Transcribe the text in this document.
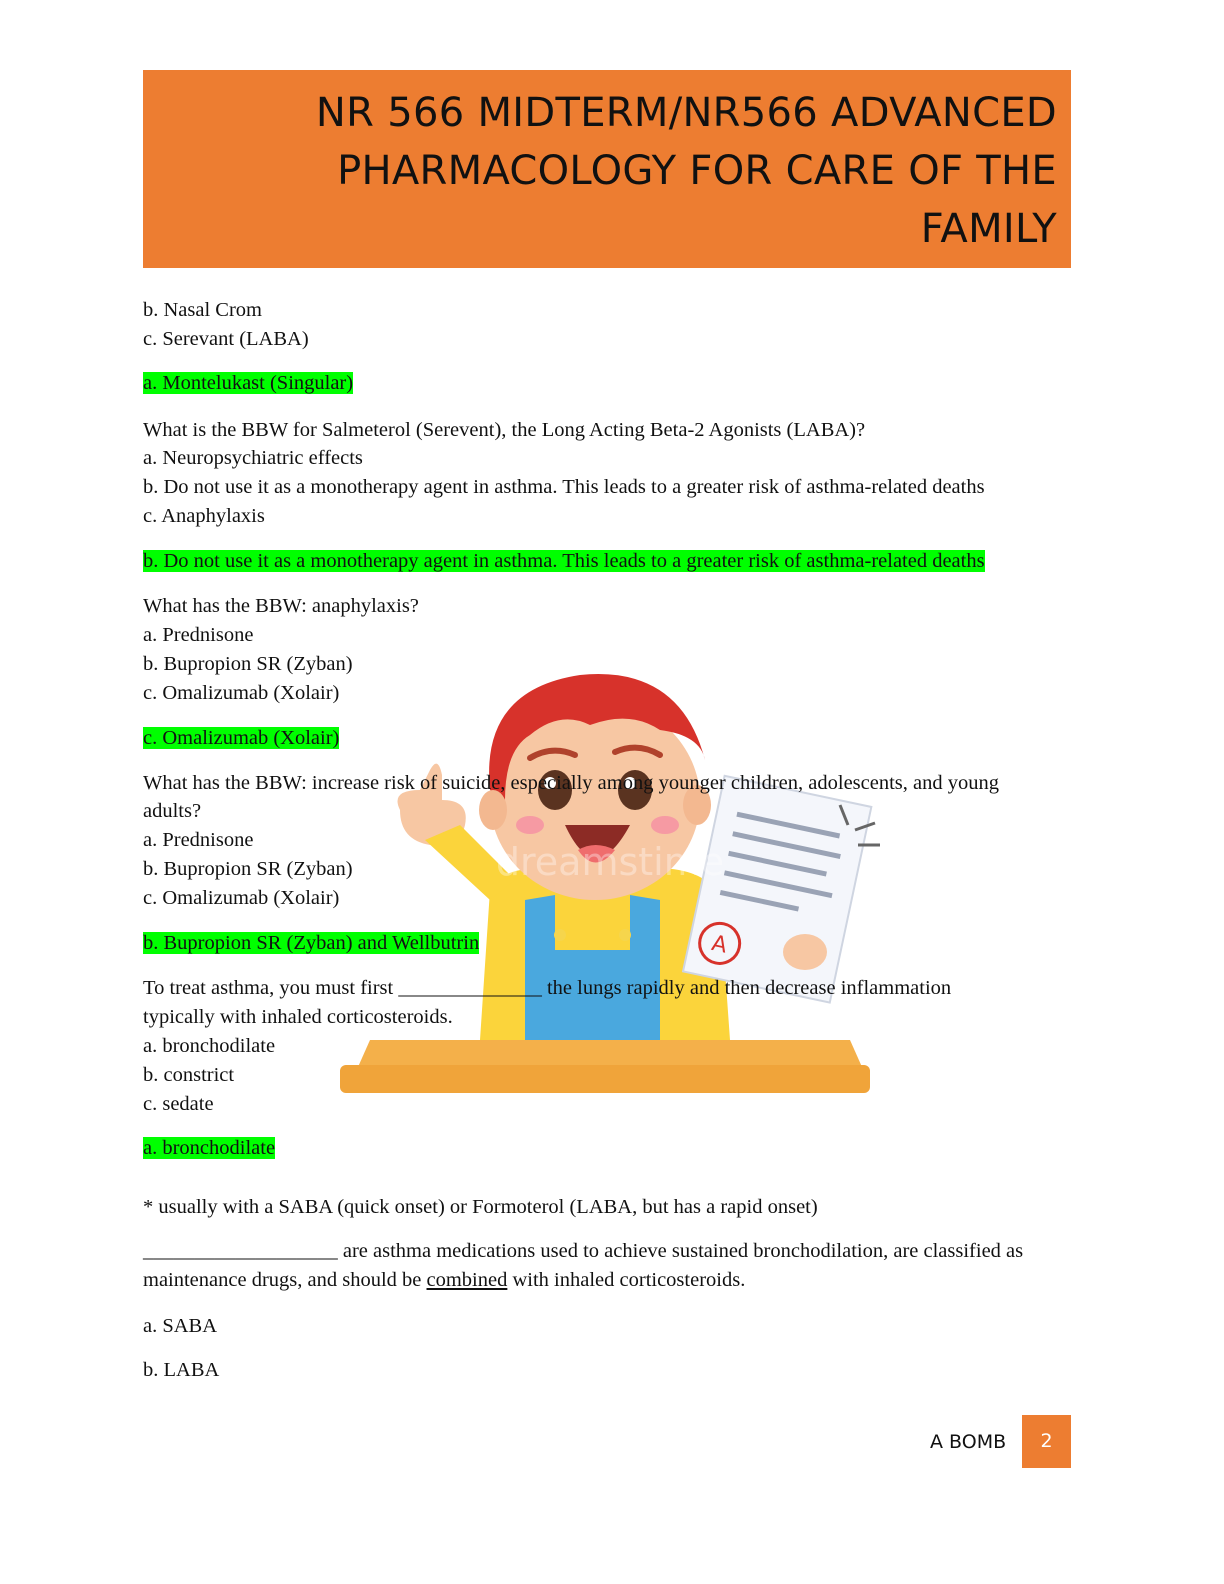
NR 566 MIDTERM/NR566 ADVANCED
PHARMACOLOGY FOR CARE OF THE
FAMILY
A
dreamstime
b. Nasal Crom
c. Serevant (LABA)
a. Montelukast (Singular)
What is the BBW for Salmeterol (Serevent), the Long Acting Beta-2 Agonists (LABA)?
a. Neuropsychiatric effects
b. Do not use it as a monotherapy agent in asthma. This leads to a greater risk of asthma-related deaths
c. Anaphylaxis
b. Do not use it as a monotherapy agent in asthma. This leads to a greater risk of asthma-related deaths
What has the BBW: anaphylaxis?
a. Prednisone
b. Bupropion SR (Zyban)
c. Omalizumab (Xolair)
c. Omalizumab (Xolair)
What has the BBW: increase risk of suicide, especially among younger children, adolescents, and young
adults?
a. Prednisone
b. Bupropion SR (Zyban)
c. Omalizumab (Xolair)
b. Bupropion SR (Zyban) and Wellbutrin
To treat asthma, you must first ______________ the lungs rapidly and then decrease inflammation
typically with inhaled corticosteroids.
a. bronchodilate
b. constrict
c. sedate
a. bronchodilate
* usually with a SABA (quick onset) or Formoterol (LABA, but has a rapid onset)
___________________ are asthma medications used to achieve sustained bronchodilation, are classified as
maintenance drugs, and should be combined with inhaled corticosteroids.
a. SABA
b. LABA
A BOMB	2
